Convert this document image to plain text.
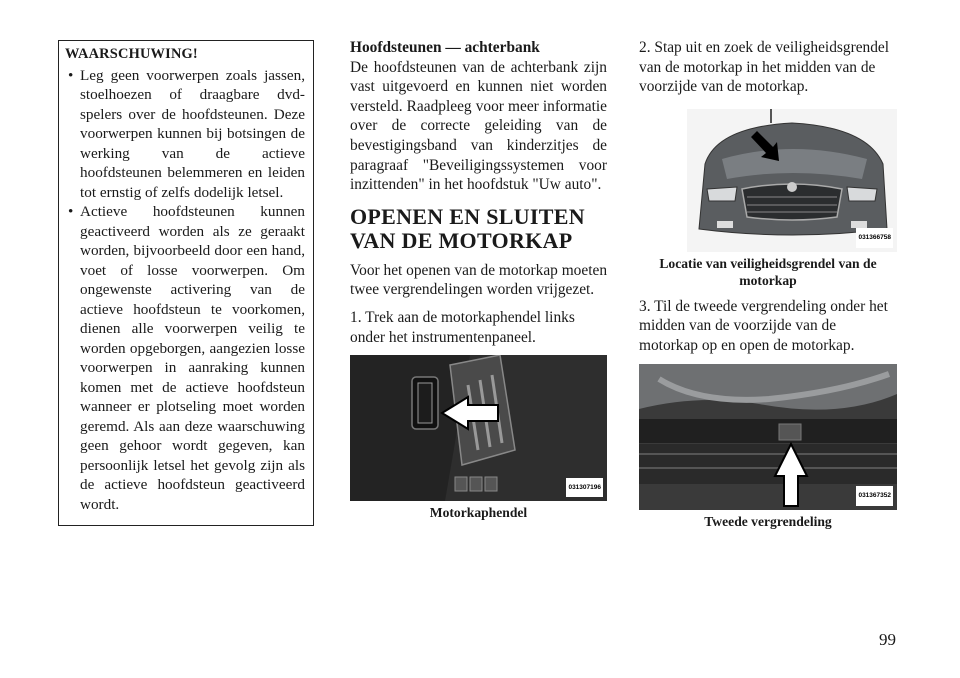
WAARSCHUWING!
• Leg geen voorwerpen zoals jassen, stoelhoezen of draagbare dvd-spelers over de hoofdsteunen. Deze voorwerpen kunnen bij botsingen de werking van de actieve hoofdsteunen belemmeren en leiden tot ernstig of zelfs dodelijk letsel.
• Actieve hoofdsteunen kunnen geactiveerd worden als ze geraakt worden, bijvoorbeeld door een hand, voet of losse voorwerpen. Om ongewenste activering van de actieve hoofdsteun te voorkomen, dienen alle voorwerpen veilig te worden opgeborgen, aangezien losse voorwerpen in aanraking kunnen komen met de actieve hoofdsteun wanneer er plotseling moet worden geremd. Als aan deze waarschuwing geen gehoor wordt gegeven, kan persoonlijk letsel het gevolg zijn als de actieve hoofdsteun geactiveerd wordt.
Hoofdsteunen — achterbank

De hoofdsteunen van de achterbank zijn vast uitgevoerd en kunnen niet worden versteld. Raadpleeg voor meer informatie over de correcte geleiding van de bevestigingsband van kinderzitjes de paragraaf "Beveiligingssystemen voor inzittenden" in het hoofdstuk "Uw auto".

OPENEN EN SLUITEN
VAN DE MOTORKAP

Voor het openen van de motorkap moeten twee vergrendelingen worden vrijgezet.

1. Trek aan de motorkaphendel links onder het instrumentenpaneel.

031307196
Motorkaphendel

2. Stap uit en zoek de veiligheidsgrendel van de motorkap in het midden van de voorzijde van de motorkap.

031366758
Locatie van veiligheidsgrendel van de motorkap

3. Til de tweede vergrendeling onder het midden van de voorzijde van de motorkap op en open de motorkap.

031367352
Tweede vergrendeling
99
